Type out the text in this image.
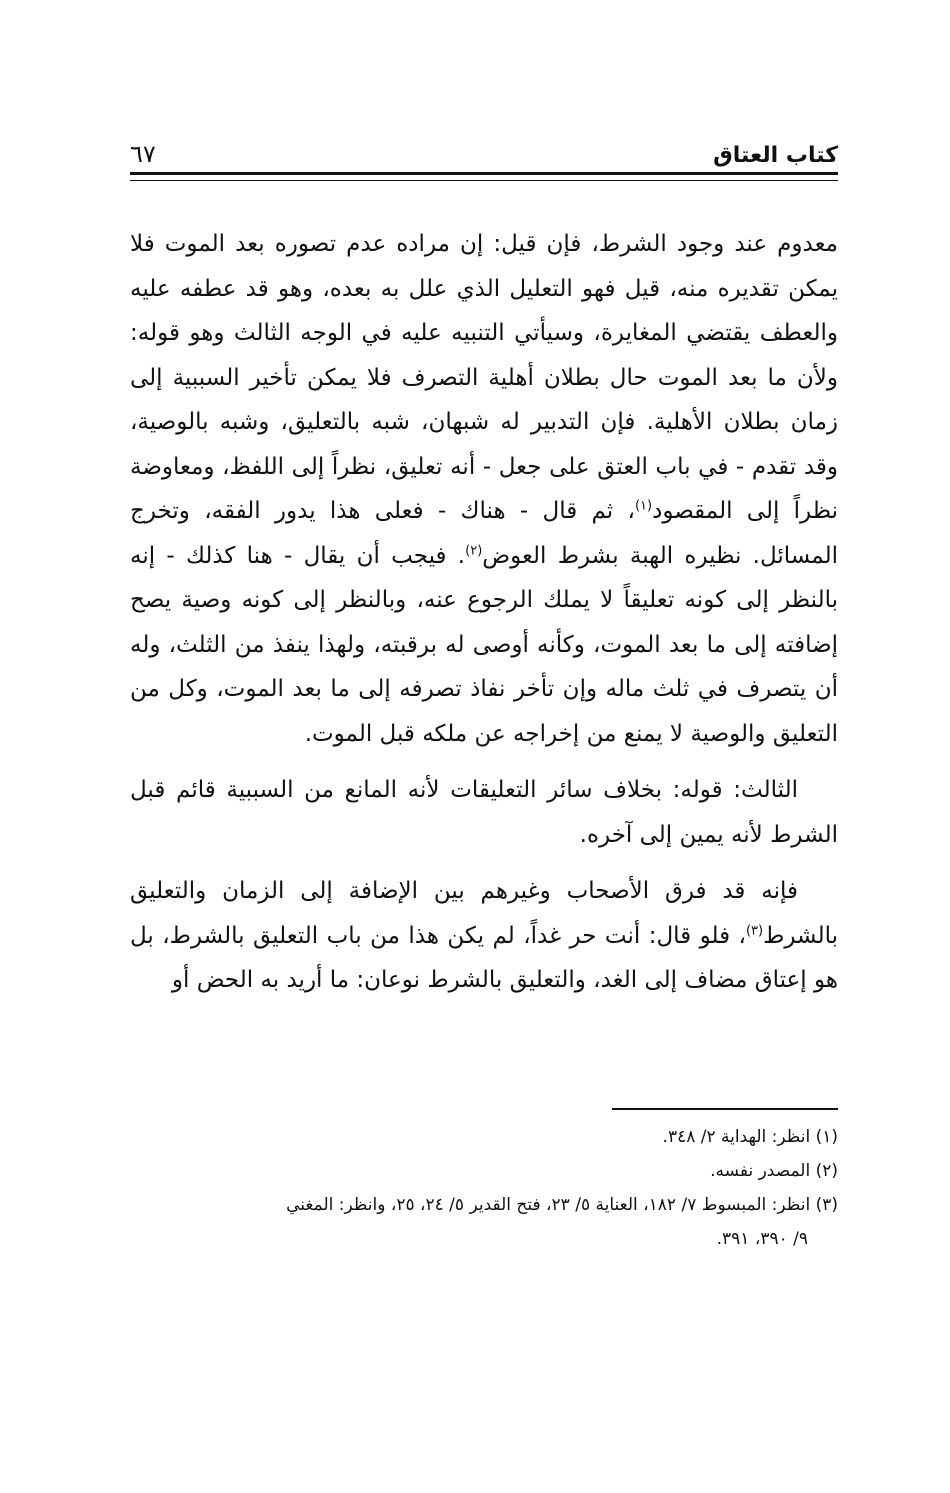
كتاب العتاق
٦٧

معدوم عند وجود الشرط، فإن قيل: إن مراده عدم تصوره بعد الموت فلا يمكن تقديره منه، قيل فهو التعليل الذي علل به بعده، وهو قد عطفه عليه والعطف يقتضي المغايرة، وسيأتي التنبيه عليه في الوجه الثالث وهو قوله: ولأن ما بعد الموت حال بطلان أهلية التصرف فلا يمكن تأخير السببية إلى زمان بطلان الأهلية. فإن التدبير له شبهان، شبه بالتعليق، وشبه بالوصية، وقد تقدم - في باب العتق على جعل - أنه تعليق، نظراً إلى اللفظ، ومعاوضة نظراً إلى المقصود$^{(١)}$، ثم قال - هناك - فعلى هذا يدور الفقه، وتخرج المسائل. نظيره الهبة بشرط العوض$^{(٢)}$. فيجب أن يقال - هنا كذلك - إنه بالنظر إلى كونه تعليقاً لا يملك الرجوع عنه، وبالنظر إلى كونه وصية يصح إضافته إلى ما بعد الموت، وكأنه أوصى له برقبته، ولهذا ينفذ من الثلث، وله أن يتصرف في ثلث ماله وإن تأخر نفاذ تصرفه إلى ما بعد الموت، وكل من التعليق والوصية لا يمنع من إخراجه عن ملكه قبل الموت.

الثالث: قوله: بخلاف سائر التعليقات لأنه المانع من السببية قائم قبل الشرط لأنه يمين إلى آخره.

فإنه قد فرق الأصحاب وغيرهم بين الإضافة إلى الزمان والتعليق بالشرط$^{(٣)}$، فلو قال: أنت حر غداً، لم يكن هذا من باب التعليق بالشرط، بل هو إعتاق مضاف إلى الغد، والتعليق بالشرط نوعان: ما أريد به الحض أو

(١) انظر: الهداية ٢/ ٣٤٨.

(٢) المصدر نفسه.

(٣) انظر: المبسوط ٧/ ١٨٢، العناية ٥/ ٢٣، فتح القدير ٥/ ٢٤، ٢٥، وانظر: المغني

٩/ ٣٩٠، ٣٩١.
